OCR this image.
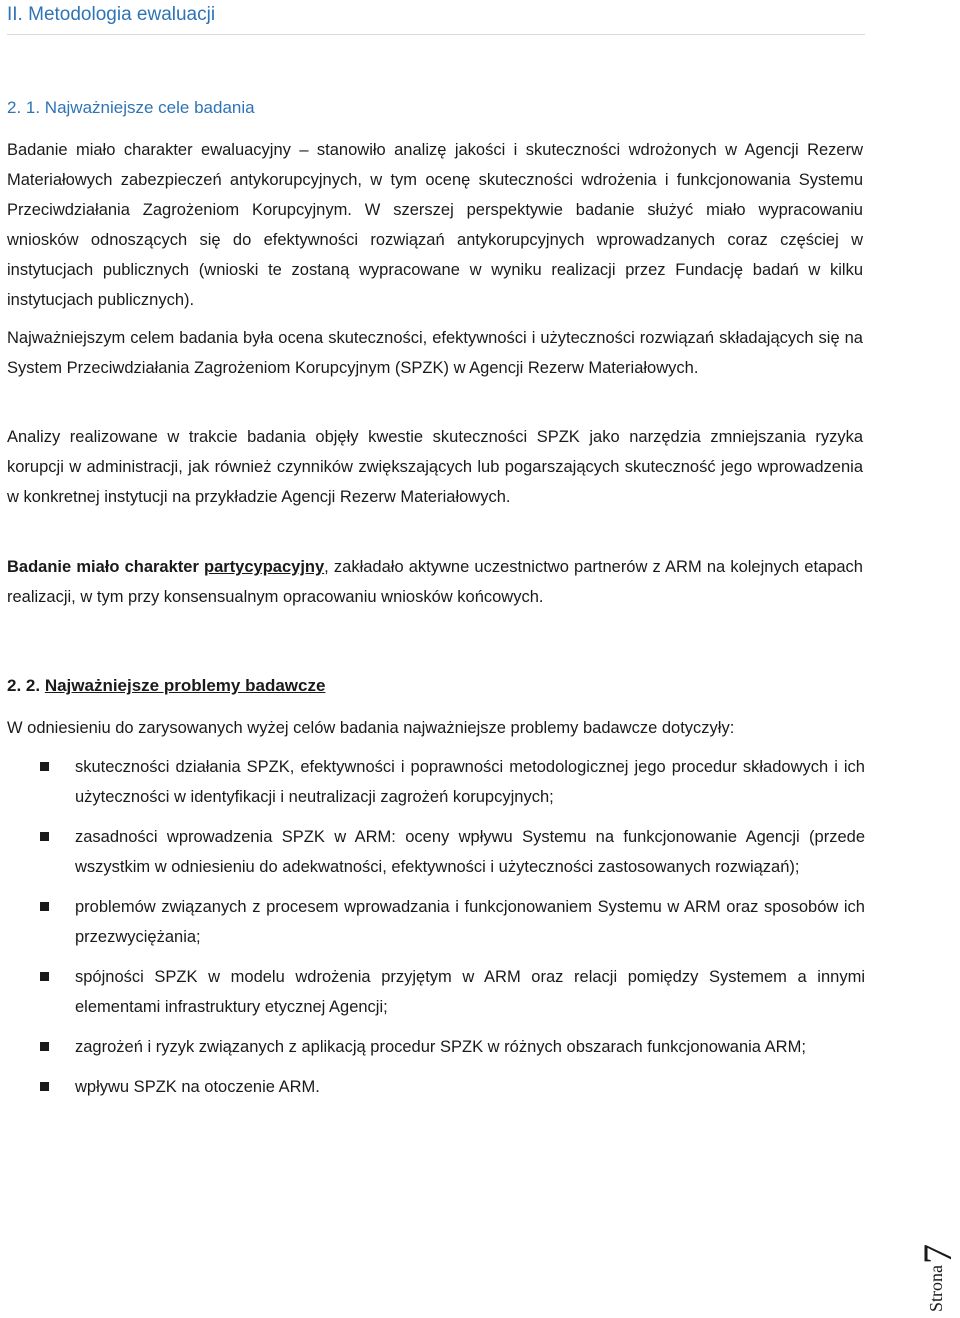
II. Metodologia ewaluacji
2. 1. Najważniejsze cele badania

Badanie miało charakter ewaluacyjny – stanowiło analizę jakości i skuteczności wdrożonych w Agencji Rezerw Materiałowych zabezpieczeń antykorupcyjnych, w tym ocenę skuteczności wdrożenia i funkcjonowania Systemu Przeciwdziałania Zagrożeniom Korupcyjnym. W szerszej perspektywie badanie służyć miało wypracowaniu wniosków odnoszących się do efektywności rozwiązań antykorupcyjnych wprowadzanych coraz częściej w instytucjach publicznych (wnioski te zostaną wypracowane w wyniku realizacji przez Fundację badań w kilku instytucjach publicznych).

Najważniejszym celem badania była ocena skuteczności, efektywności i użyteczności rozwiązań składających się na System Przeciwdziałania Zagrożeniom Korupcyjnym (SPZK) w Agencji Rezerw Materiałowych.

Analizy realizowane w trakcie badania objęły kwestie skuteczności SPZK jako narzędzia zmniejszania ryzyka korupcji w administracji, jak również czynników zwiększających lub pogarszających skuteczność jego wprowadzenia w konkretnej instytucji na przykładzie Agencji Rezerw Materiałowych.

Badanie miało charakter partycypacyjny, zakładało aktywne uczestnictwo partnerów z ARM na kolejnych etapach realizacji, w tym przy konsensualnym opracowaniu wniosków końcowych.

2. 2. Najważniejsze problemy badawcze

W odniesieniu do zarysowanych wyżej celów badania najważniejsze problemy badawcze dotyczyły:

skuteczności działania SPZK, efektywności i poprawności metodologicznej jego procedur składowych i ich użyteczności w identyfikacji i neutralizacji zagrożeń korupcyjnych;
zasadności wprowadzenia SPZK w ARM: oceny wpływu Systemu na funkcjonowanie Agencji (przede wszystkim w odniesieniu do adekwatności, efektywności i użyteczności zastosowanych rozwiązań);
problemów związanych z procesem wprowadzania i funkcjonowaniem Systemu w ARM oraz sposobów ich przezwyciężania;
spójności SPZK w modelu wdrożenia przyjętym w ARM oraz relacji pomiędzy Systemem a innymi elementami infrastruktury etycznej Agencji;
zagrożeń i ryzyk związanych z aplikacją procedur SPZK w różnych obszarach funkcjonowania ARM;
wpływu SPZK na otoczenie ARM.
Strona
7
